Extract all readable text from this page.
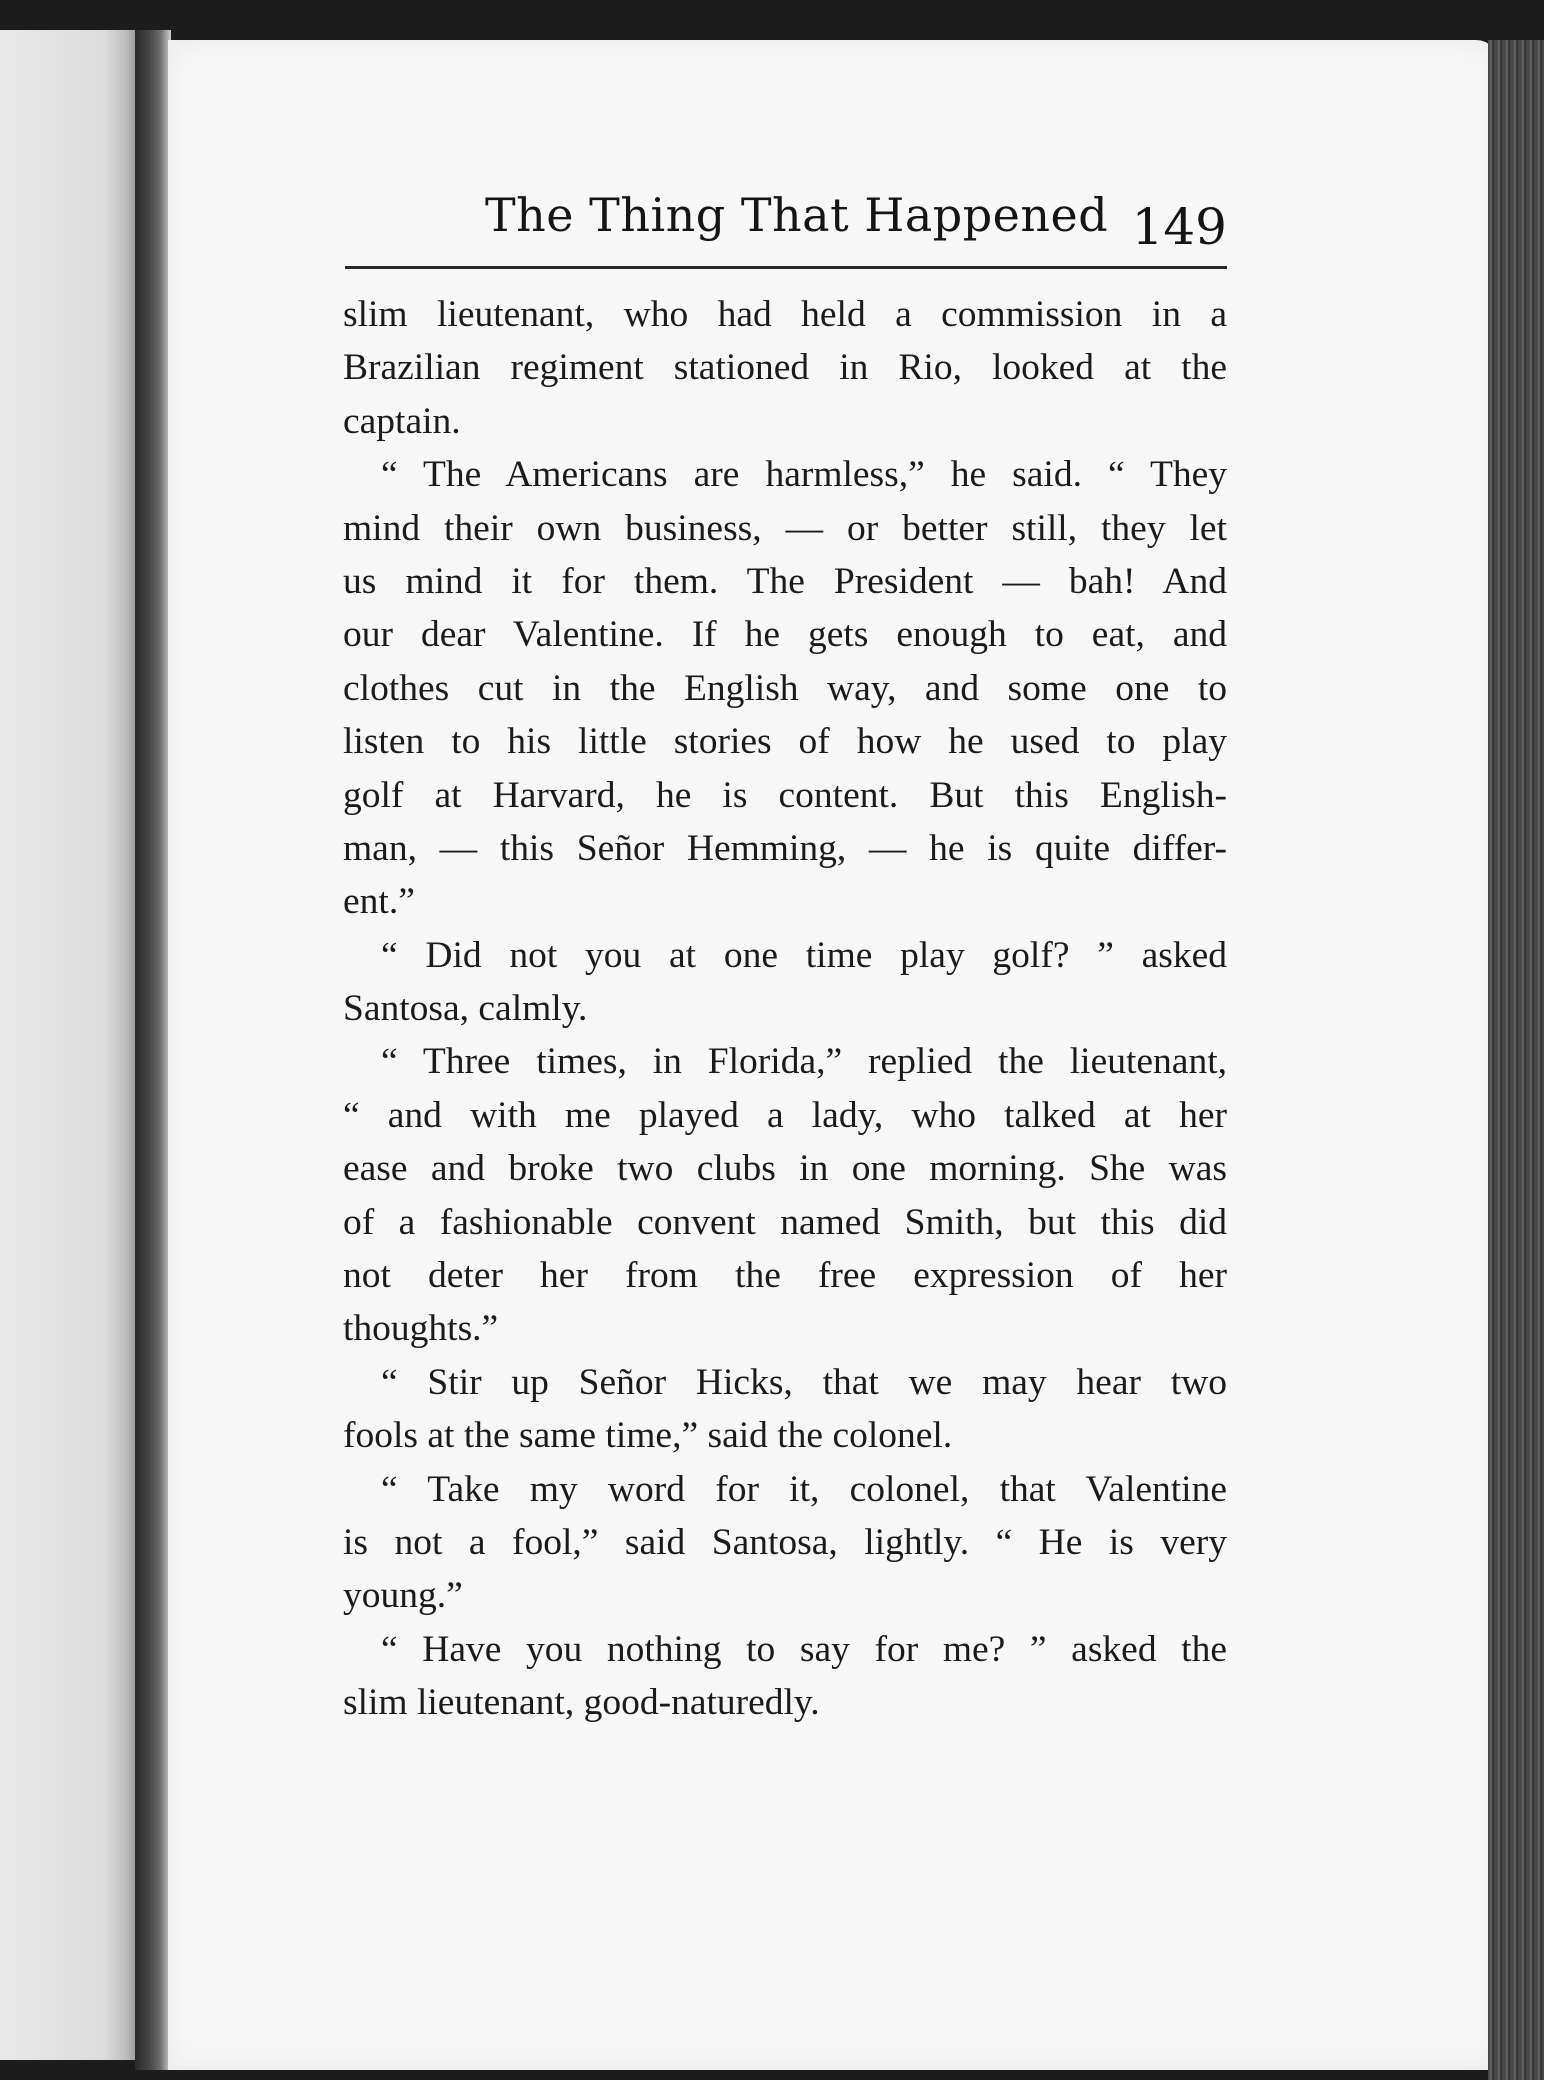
The Thing That Happened 149
slim lieutenant, who had held a commission in a
Brazilian regiment stationed in Rio, looked at the
captain.
“ The Americans are harmless,” he said. “ They
mind their own business, — or better still, they let
us mind it for them. The President — bah! And
our dear Valentine. If he gets enough to eat, and
clothes cut in the English way, and some one to
listen to his little stories of how he used to play
golf at Harvard, he is content. But this English-
man, — this Señor Hemming, — he is quite differ-
ent.”
“ Did not you at one time play golf? ” asked
Santosa, calmly.
“ Three times, in Florida,” replied the lieutenant,
“ and with me played a lady, who talked at her
ease and broke two clubs in one morning. She was
of a fashionable convent named Smith, but this did
not deter her from the free expression of her
thoughts.”
“ Stir up Señor Hicks, that we may hear two
fools at the same time,” said the colonel.
“ Take my word for it, colonel, that Valentine
is not a fool,” said Santosa, lightly. “ He is very
young.”
“ Have you nothing to say for me? ” asked the
slim lieutenant, good-naturedly.
